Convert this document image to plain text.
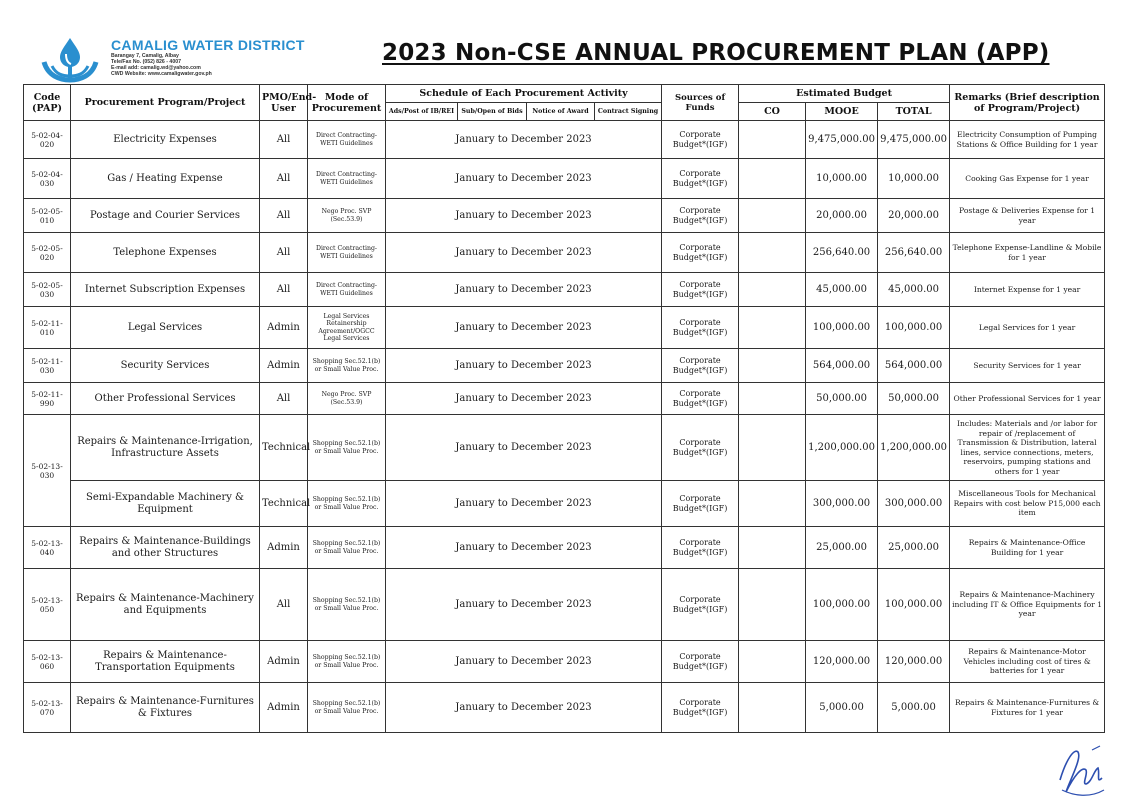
CAMALIG WATER DISTRICT
Barangay 7, Camalig, Albay
Tele/Fax No. (052) 826 - 4007
E-mail add: camalig.wd@yahoo.com
CWD Website: www.camaligwater.gov.ph
2023 Non-CSE ANNUAL PROCUREMENT PLAN (APP)
Code (PAP)	Procurement Program/Project	PMO/End-User	Mode of Procurement	Schedule of Each Procurement Activity				Sources of Funds	Estimated Budget			Remarks (Brief description of Program/Project)
				Ads/Post of IB/REI	Sub/Open of Bids	Notice of Award	Contract Signing		CO	MOOE	TOTAL	
5-02-04-020	Electricity Expenses	All	Direct Contracting-WETI Guidelines	January to December 2023				Corporate Budget*(IGF)		9,475,000.00	9,475,000.00	Electricity Consumption of Pumping Stations & Office Building for 1 year
5-02-04-030	Gas / Heating Expense	All	Direct Contracting-WETI Guidelines	January to December 2023				Corporate Budget*(IGF)		10,000.00	10,000.00	Cooking Gas Expense for 1 year
5-02-05-010	Postage and Courier Services	All	Nego Proc. SVP (Sec.53.9)	January to December 2023				Corporate Budget*(IGF)		20,000.00	20,000.00	Postage & Deliveries Expense for 1 year
5-02-05-020	Telephone Expenses	All	Direct Contracting-WETI Guidelines	January to December 2023				Corporate Budget*(IGF)		256,640.00	256,640.00	Telephone Expense-Landline & Mobile for 1 year
5-02-05-030	Internet Subscription Expenses	All	Direct Contracting-WETI Guidelines	January to December 2023				Corporate Budget*(IGF)		45,000.00	45,000.00	Internet Expense for 1 year
5-02-11-010	Legal Services	Admin	Legal Services Retainership Agreement/OGCC Legal Services	January to December 2023				Corporate Budget*(IGF)		100,000.00	100,000.00	Legal Services for 1 year
5-02-11-030	Security Services	Admin	Shopping Sec.52.1(b) or Small Value Proc.	January to December 2023				Corporate Budget*(IGF)		564,000.00	564,000.00	Security Services for 1 year
5-02-11-990	Other Professional Services	All	Nego Proc. SVP (Sec.53.9)	January to December 2023				Corporate Budget*(IGF)		50,000.00	50,000.00	Other Professional Services for 1 year
5-02-13-030	Repairs & Maintenance-Irrigation, Infrastructure Assets	Technical	Shopping Sec.52.1(b) or Small Value Proc.	January to December 2023				Corporate Budget*(IGF)		1,200,000.00	1,200,000.00	Includes: Materials and /or labor for repair of /replacement of Transmission & Distribution, lateral lines, service connections, meters, reservoirs, pumping stations and others for 1 year
	Semi-Expandable Machinery & Equipment	Technical	Shopping Sec.52.1(b) or Small Value Proc.	January to December 2023				Corporate Budget*(IGF)		300,000.00	300,000.00	Miscellaneous Tools for Mechanical Repairs with cost below P15,000 each item
5-02-13-040	Repairs & Maintenance-Buildings and other Structures	Admin	Shopping Sec.52.1(b) or Small Value Proc.	January to December 2023				Corporate Budget*(IGF)		25,000.00	25,000.00	Repairs & Maintenance-Office Building for 1 year
5-02-13-050	Repairs & Maintenance-Machinery and Equipments	All	Shopping Sec.52.1(b) or Small Value Proc.	January to December 2023				Corporate Budget*(IGF)		100,000.00	100,000.00	Repairs & Maintenance-Machinery including IT & Office Equipments for 1 year
5-02-13-060	Repairs & Maintenance-Transportation Equipments	Admin	Shopping Sec.52.1(b) or Small Value Proc.	January to December 2023				Corporate Budget*(IGF)		120,000.00	120,000.00	Repairs & Maintenance-Motor Vehicles including cost of tires & batteries for 1 year
5-02-13-070	Repairs & Maintenance-Furnitures & Fixtures	Admin	Shopping Sec.52.1(b) or Small Value Proc.	January to December 2023				Corporate Budget*(IGF)		5,000.00	5,000.00	Repairs & Maintenance-Furnitures & Fixtures for 1 year
